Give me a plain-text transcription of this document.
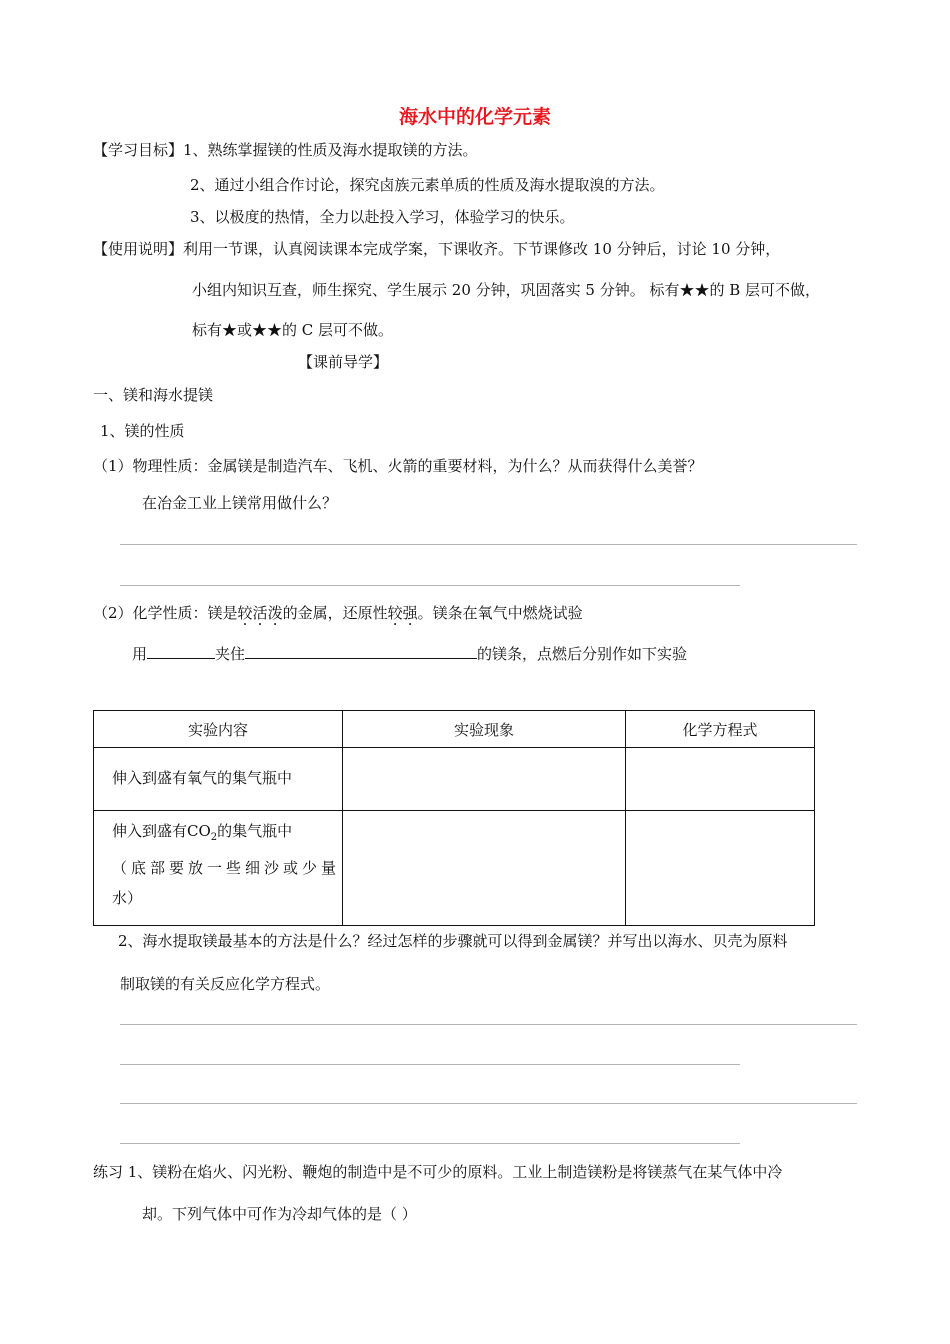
海水中的化学元素
【学习目标】1、熟练掌握镁的性质及海水提取镁的方法。
2、通过小组合作讨论，探究卤族元素单质的性质及海水提取溴的方法。
3、以极度的热情，全力以赴投入学习，体验学习的快乐。
【使用说明】利用一节课，认真阅读课本完成学案，下课收齐。下节课修改 10 分钟后，讨论 10 分钟，
小组内知识互查，师生探究、学生展示 20 分钟，巩固落实 5 分钟。 标有★★的 B 层可不做，
标有★或★★的 C 层可不做。
【课前导学】
一、镁和海水提镁
1、镁的性质
（1）物理性质：金属镁是制造汽车、飞机、火箭的重要材料，为什么？从而获得什么美誉？
在冶金工业上镁常用做什么？
（2）化学性质：镁是较活泼的金属，还原性较强。镁条在氧气中燃烧试验
用	夹住	的镁条，点燃后分别作如下实验
实验内容	实验现象	化学方程式

伸入到盛有氧气的集气瓶中		

伸入到盛有$CO_2$的集气瓶中
（底部要放一些细沙或少量
水）		

2、海水提取镁最基本的方法是什么？经过怎样的步骤就可以得到金属镁？并写出以海水、贝壳为原料
制取镁的有关反应化学方程式。
练习 1、镁粉在焰火、闪光粉、鞭炮的制造中是不可少的原料。工业上制造镁粉是将镁蒸气在某气体中冷
却。下列气体中可作为冷却气体的是（ ）
